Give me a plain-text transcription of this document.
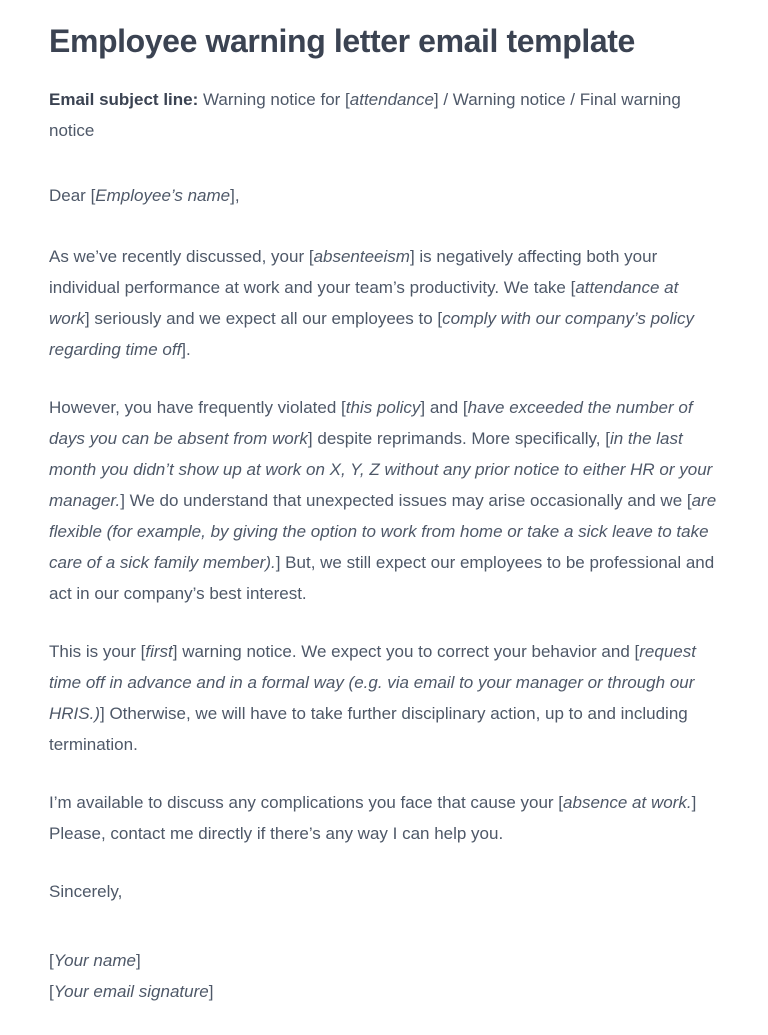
Employee warning letter email template

Email subject line: Warning notice for [attendance] / Warning notice / Final warning notice

Dear [Employee’s name],

As we’ve recently discussed, your [absenteeism] is negatively affecting both your individual performance at work and your team’s productivity. We take [attendance at work] seriously and we expect all our employees to [comply with our company’s policy regarding time off].

However, you have frequently violated [this policy] and [have exceeded the number of days you can be absent from work] despite reprimands. More specifically, [in the last month you didn’t show up at work on X, Y, Z without any prior notice to either HR or your manager.] We do understand that unexpected issues may arise occasionally and we [are flexible (for example, by giving the option to work from home or take a sick leave to take care of a sick family member).] But, we still expect our employees to be professional and act in our company’s best interest.

This is your [first] warning notice. We expect you to correct your behavior and [request time off in advance and in a formal way (e.g. via email to your manager or through our HRIS.)] Otherwise, we will have to take further disciplinary action, up to and including termination.

I’m available to discuss any complications you face that cause your [absence at work.] Please, contact me directly if there’s any way I can help you.

Sincerely,

[Your name]

[Your email signature]
